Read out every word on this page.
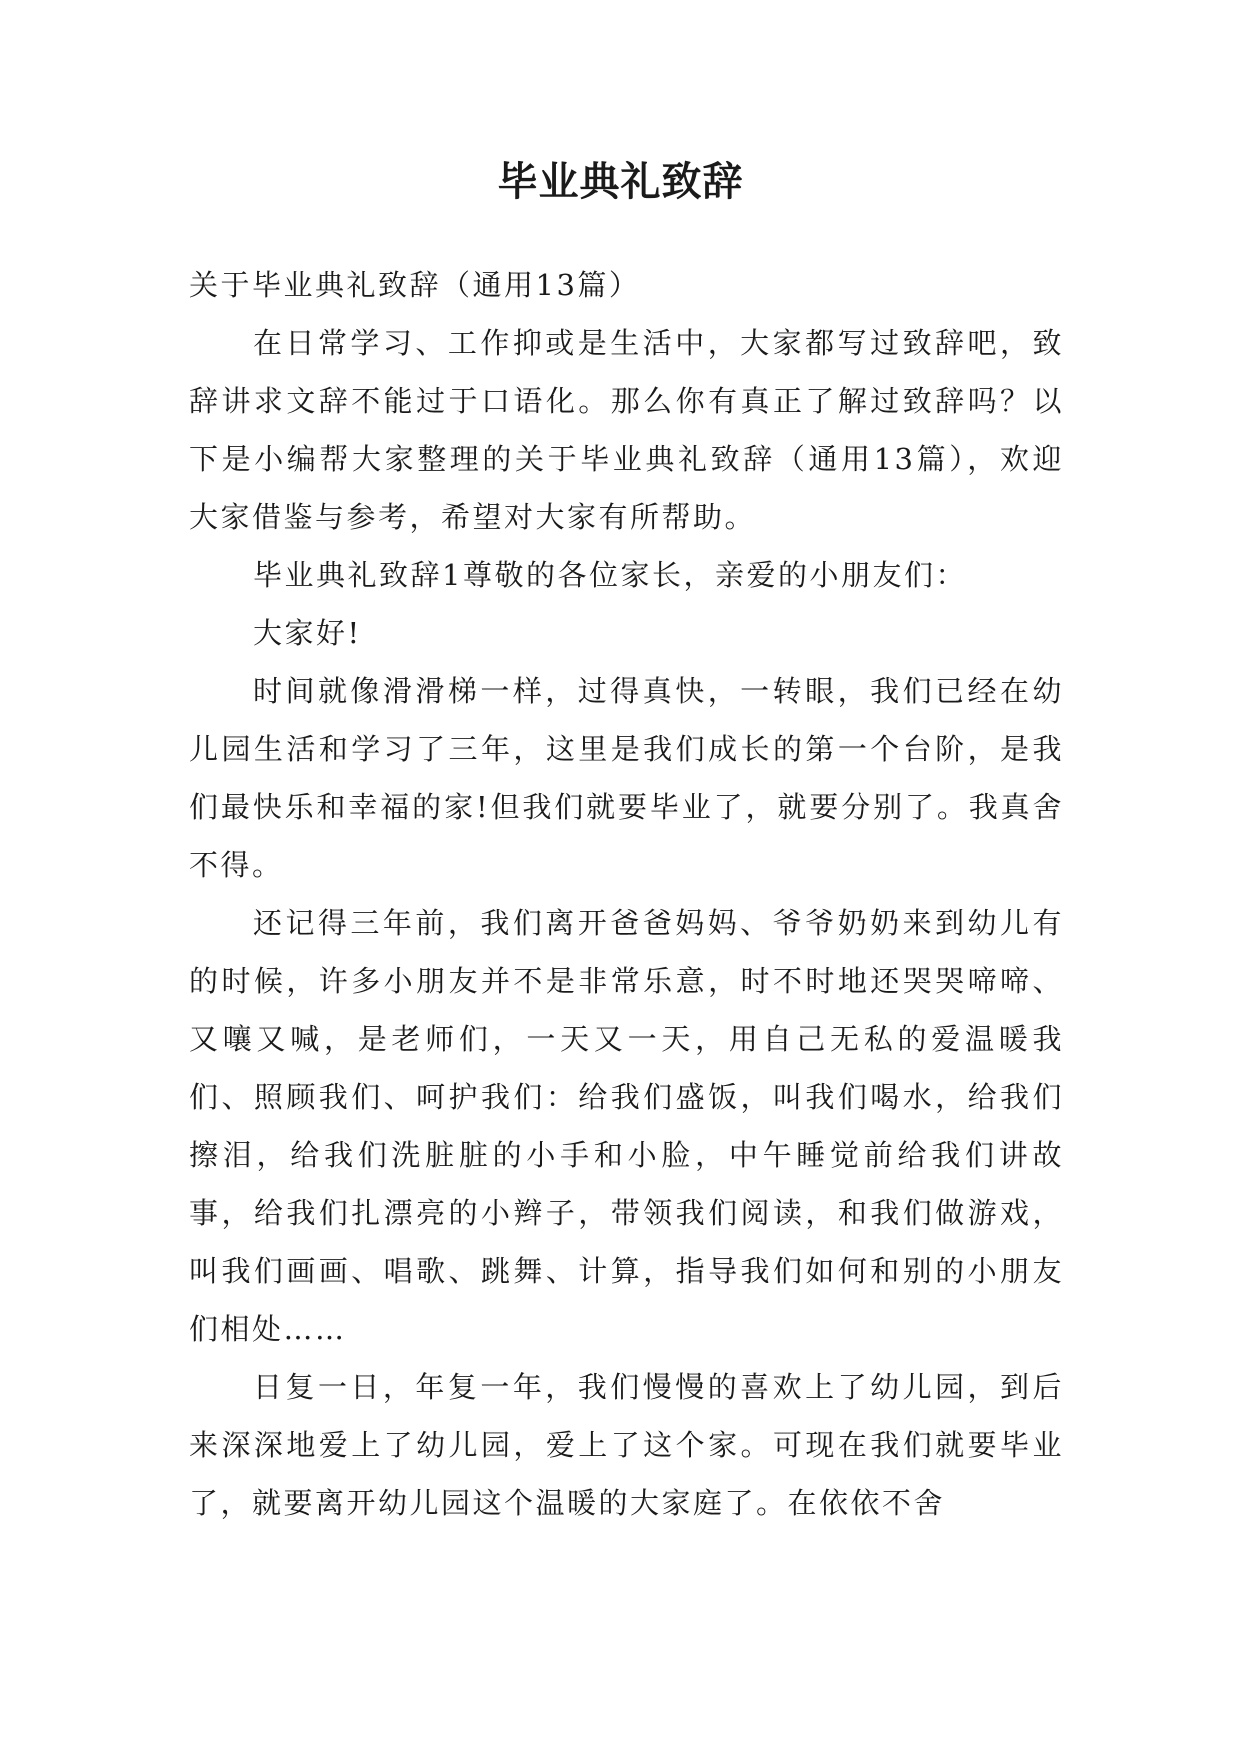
毕业典礼致辞

关于毕业典礼致辞（通用13篇）

在日常学习、工作抑或是生活中，大家都写过致辞吧，致辞讲求文辞不能过于口语化。那么你有真正了解过致辞吗？以下是小编帮大家整理的关于毕业典礼致辞（通用13篇），欢迎大家借鉴与参考，希望对大家有所帮助。

毕业典礼致辞1尊敬的各位家长，亲爱的小朋友们：

大家好!

时间就像滑滑梯一样，过得真快，一转眼，我们已经在幼儿园生活和学习了三年，这里是我们成长的第一个台阶，是我们最快乐和幸福的家!但我们就要毕业了，就要分别了。我真舍不得。

还记得三年前，我们离开爸爸妈妈、爷爷奶奶来到幼儿有的时候，许多小朋友并不是非常乐意，时不时地还哭哭啼啼、又嚷又喊，是老师们，一天又一天，用自己无私的爱温暖我们、照顾我们、呵护我们：给我们盛饭，叫我们喝水，给我们擦泪，给我们洗脏脏的小手和小脸，中午睡觉前给我们讲故事，给我们扎漂亮的小辫子，带领我们阅读，和我们做游戏，叫我们画画、唱歌、跳舞、计算，指导我们如何和别的小朋友们相处……

日复一日，年复一年，我们慢慢的喜欢上了幼儿园，到后来深深地爱上了幼儿园，爱上了这个家。可现在我们就要毕业了，就要离开幼儿园这个温暖的大家庭了。在依依不舍
